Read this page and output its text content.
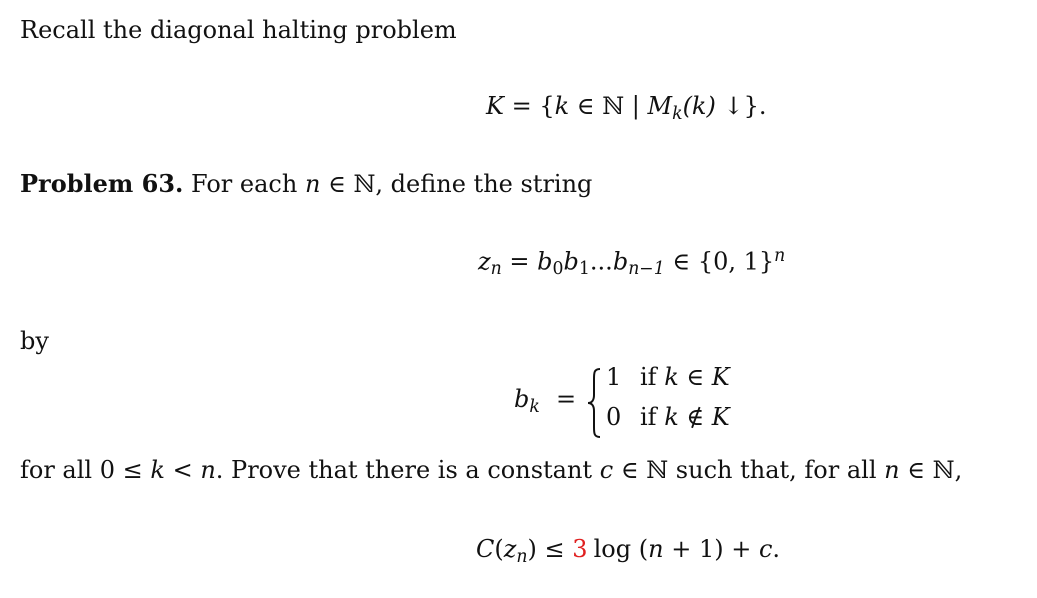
Recall the diagonal halting problem
K = {k ∈ ℕ | $M_k(k)$ ↓}.
Problem 63. For each n ∈ ℕ, define the string
$z_n = b_0b_1...b_{n-1}$ ∈ {0, 1}$^n$
by
$b_k$ =
1 if k ∈ K
0 if k ∉ K
for all 0 ≤ k < n. Prove that there is a constant c ∈ ℕ such that, for all n ∈ ℕ,
$C(z_n) \le 3$ log (n + 1) + c.
